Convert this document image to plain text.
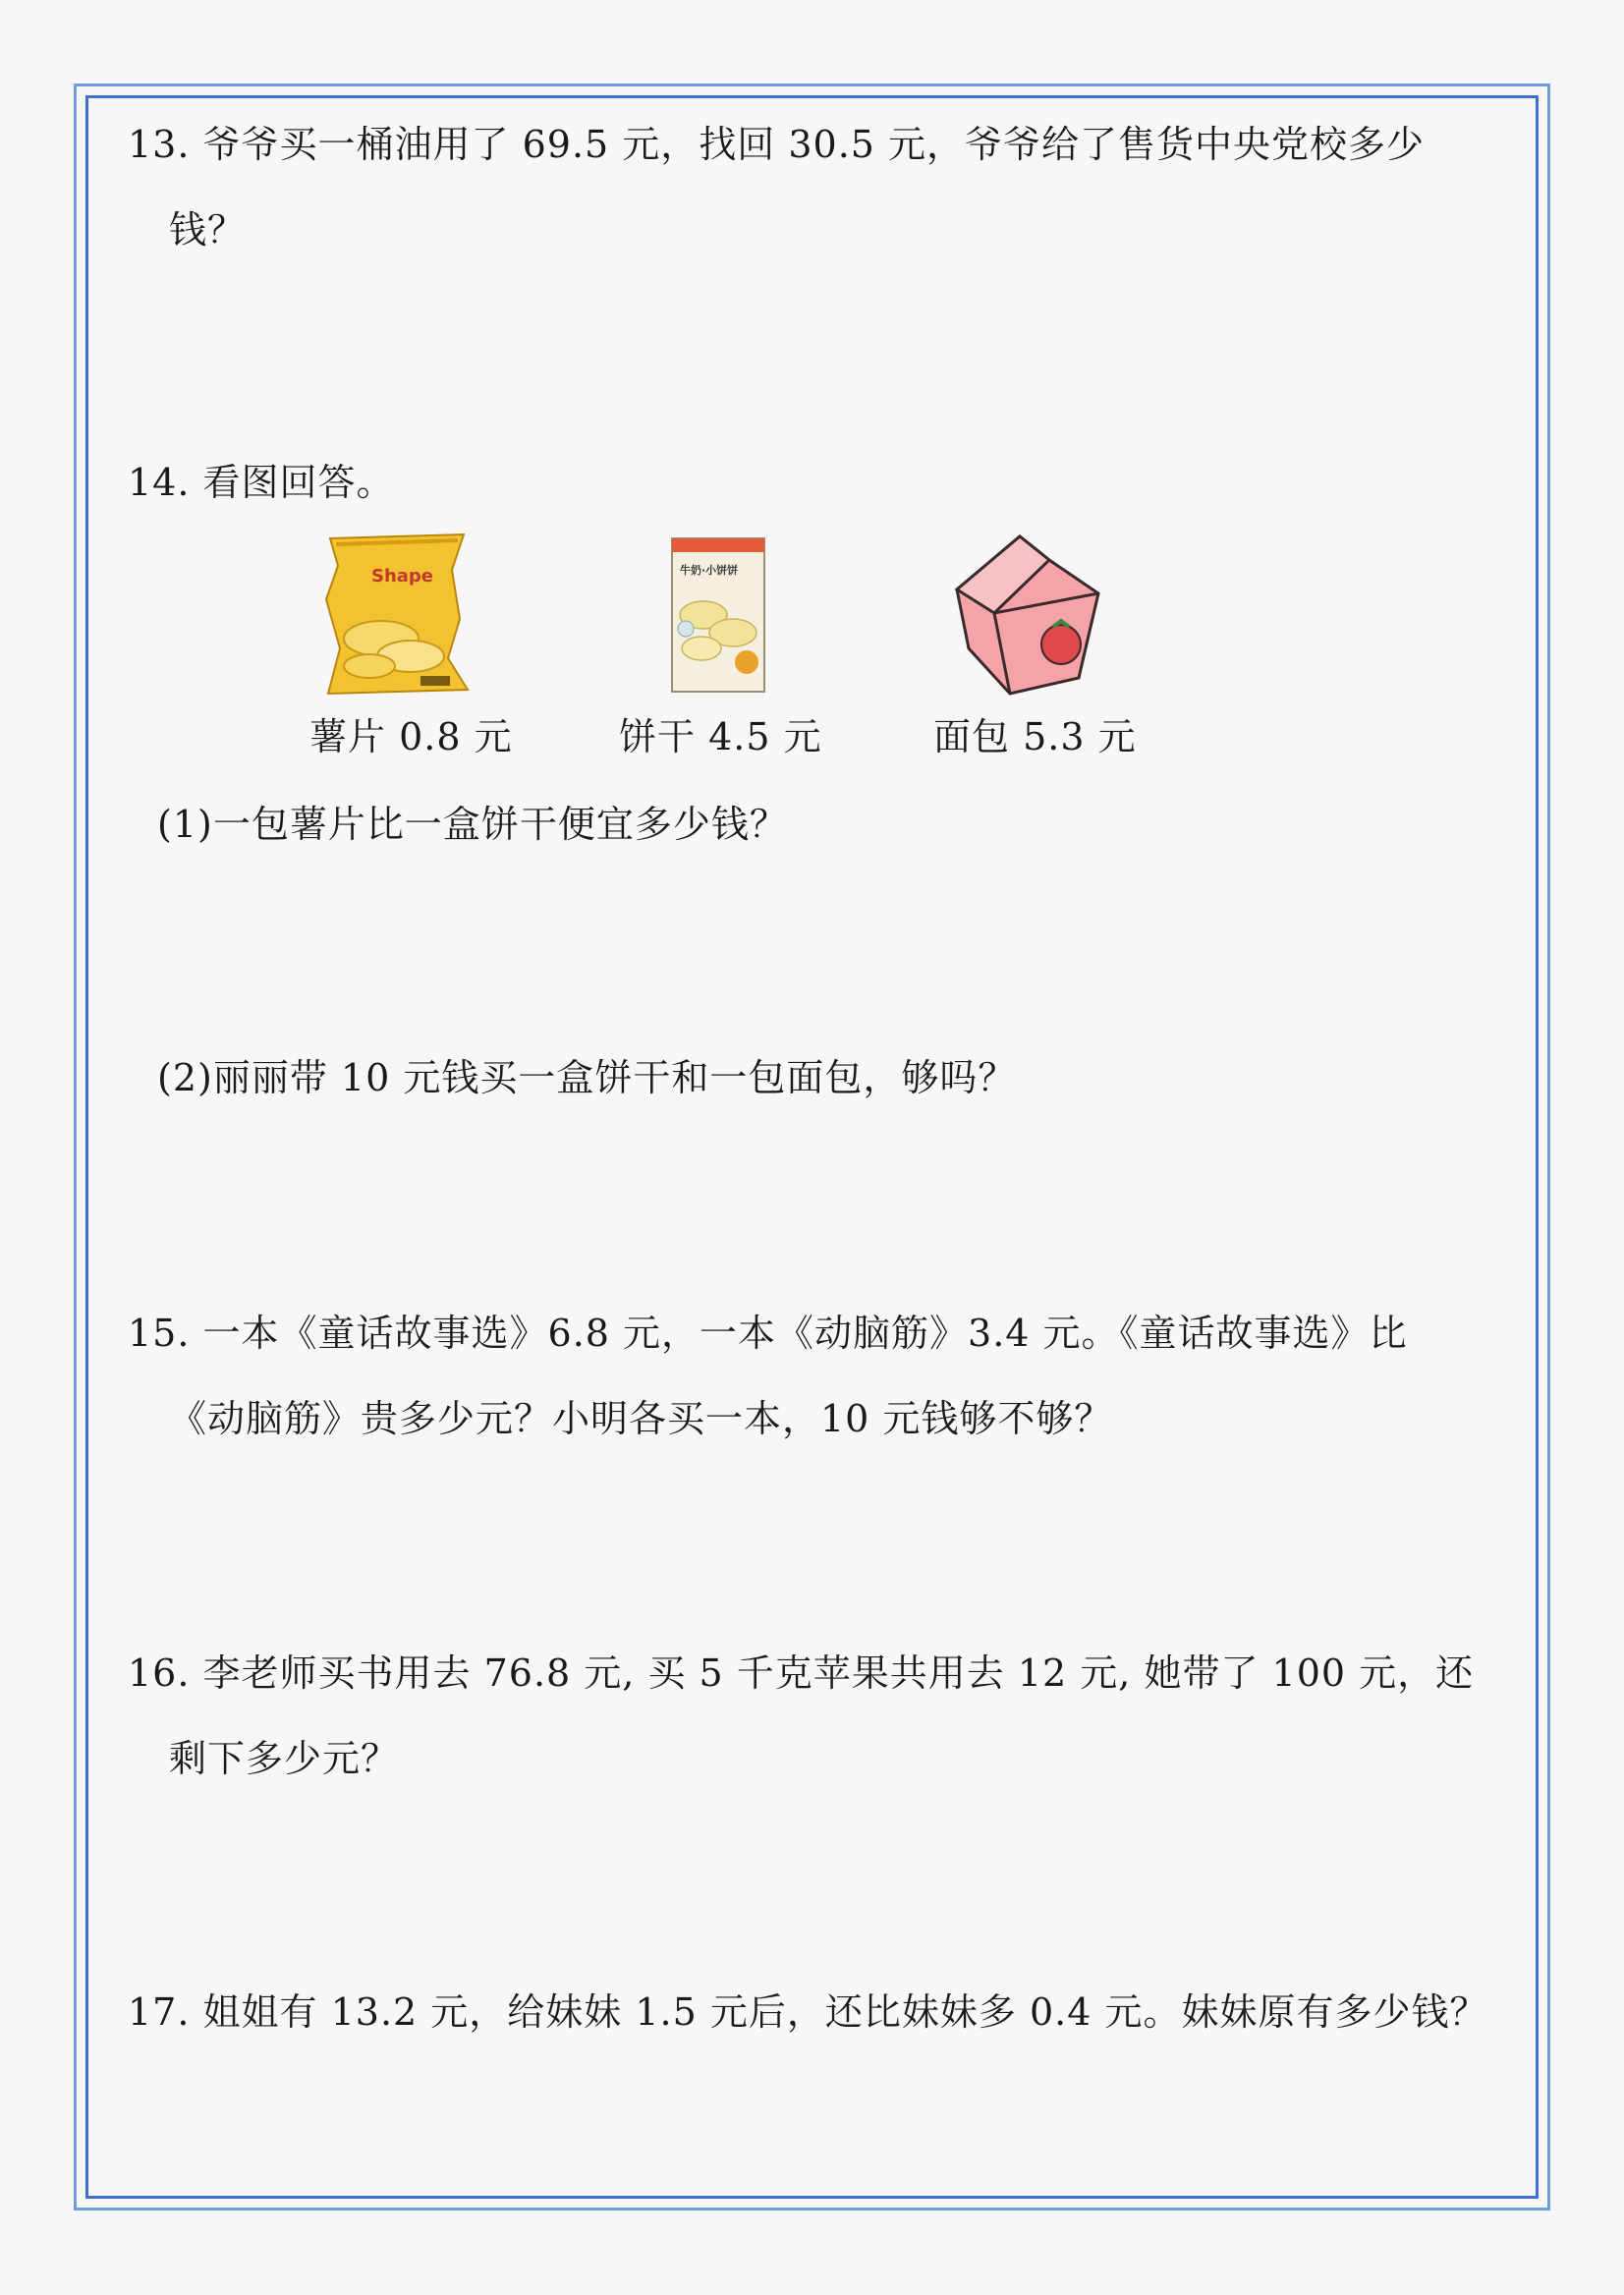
13. 爷爷买一桶油用了 69.5 元，找回 30.5 元，爷爷给了售货中央党校多少
钱？
14. 看图回答。
Shape	牛奶·小饼饼
薯片 0.8 元	饼干 4.5 元	面包 5.3 元
(1)一包薯片比一盒饼干便宜多少钱？
(2)丽丽带 10 元钱买一盒饼干和一包面包，够吗？
15. 一本《童话故事选》6.8 元，一本《动脑筋》3.4 元。《童话故事选》比
《动脑筋》贵多少元？小明各买一本，10 元钱够不够？
16. 李老师买书用去 76.8 元, 买 5 千克苹果共用去 12 元, 她带了 100 元，还
剩下多少元？
17. 姐姐有 13.2 元，给妹妹 1.5 元后，还比妹妹多 0.4 元。妹妹原有多少钱？
